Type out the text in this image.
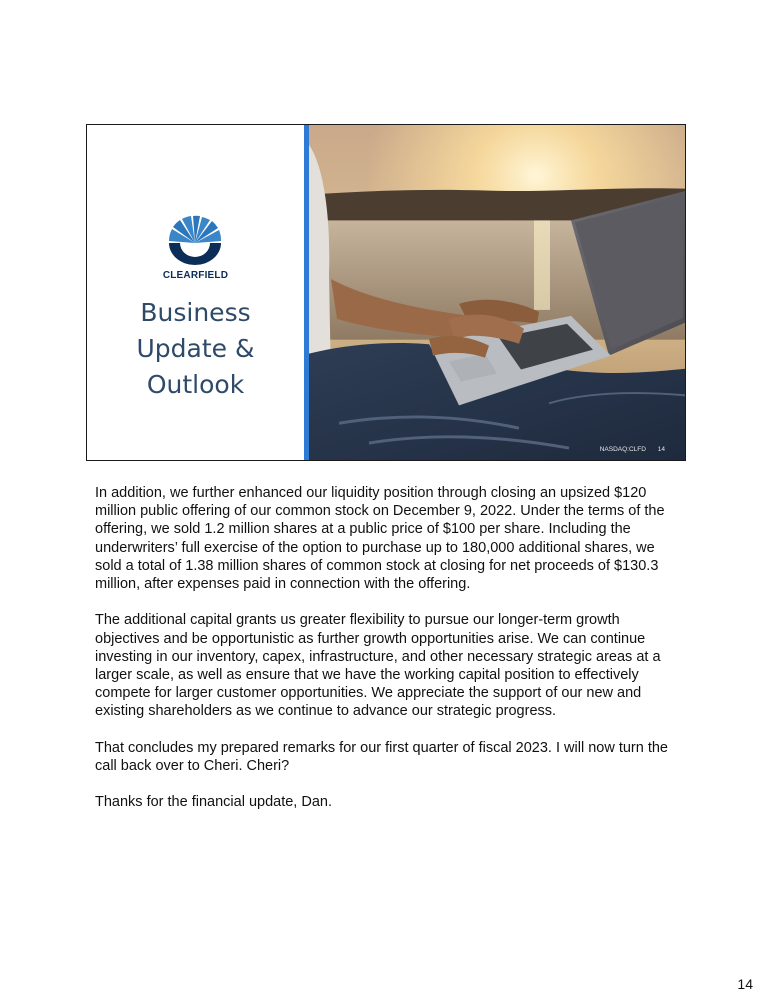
CLEARFIELD
Business
Update &
Outlook
NASDAQ:CLFD 14

In addition, we further enhanced our liquidity position through closing an upsized $120 million public offering of our common stock on December 9, 2022. Under the terms of the offering, we sold 1.2 million shares at a public price of $100 per share. Including the underwriters’ full exercise of the option to purchase up to 180,000 additional shares, we sold a total of 1.38 million shares of common stock at closing for net proceeds of $130.3 million, after expenses paid in connection with the offering.

The additional capital grants us greater flexibility to pursue our longer-term growth objectives and be opportunistic as further growth opportunities arise. We can continue investing in our inventory, capex, infrastructure, and other necessary strategic areas at a larger scale, as well as ensure that we have the working capital position to effectively compete for larger customer opportunities. We appreciate the support of our new and existing shareholders as we continue to advance our strategic progress.

That concludes my prepared remarks for our first quarter of fiscal 2023. I will now turn the call back over to Cheri. Cheri?

Thanks for the financial update, Dan.

14
